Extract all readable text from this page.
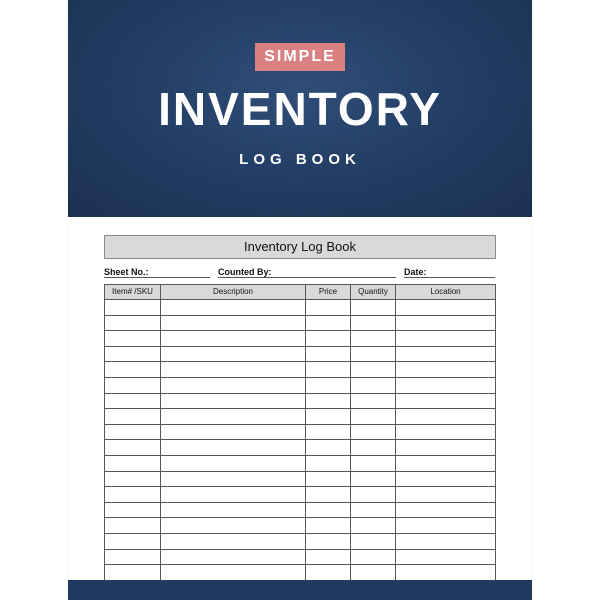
SIMPLE
INVENTORY
LOG BOOK
Inventory Log Book
Sheet No.:	Counted By:	Date:
Item# /SKU	Description	Price	Quantity	Location
